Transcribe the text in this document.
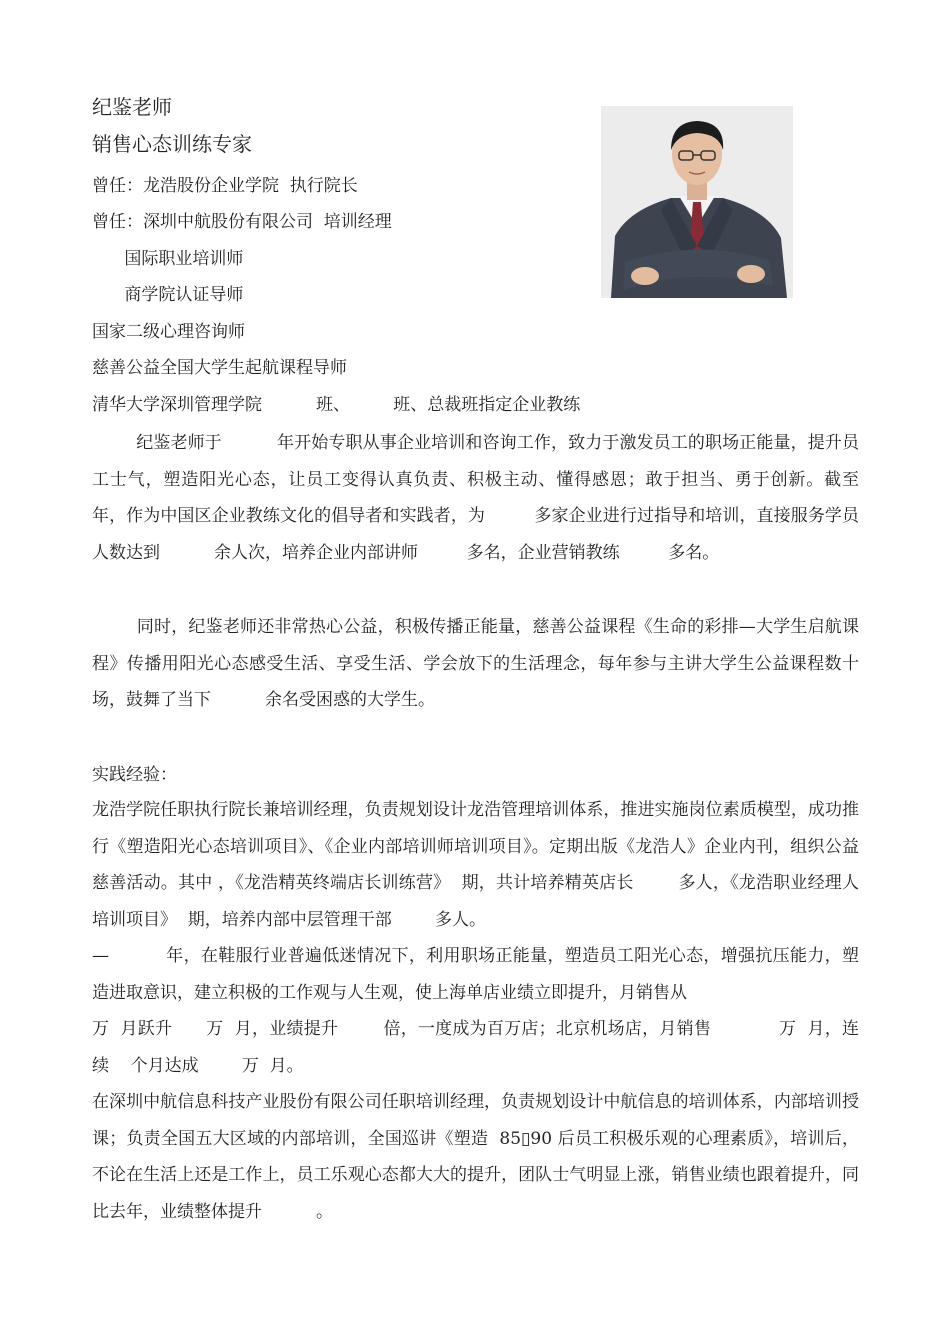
纪鉴老师
销售心态训练专家
曾任：龙浩股份企业学院  执行院长
曾任：深圳中航股份有限公司  培训经理
国际职业培训师
商学院认证导师
国家二级心理咨询师
慈善公益全国大学生起航课程导师
清华大学深圳管理学院          班、        班、总裁班指定企业教练
纪鉴老师于          年开始专职从事企业培训和咨询工作，致力于激发员工的职场正能量，提升员工士气，塑造阳光心态，让员工变得认真负责、积极主动、懂得感恩；敢于担当、勇于创新。截至          年，作为中国区企业教练文化的倡导者和实践者，为         多家企业进行过指导和培训，直接服务学员人数达到          余人次，培养企业内部讲师         多名，企业营销教练         多名。
同时，纪鉴老师还非常热心公益，积极传播正能量，慈善公益课程《生命的彩排—大学生启航课程》传播用阳光心态感受生活、享受生活、学会放下的生活理念，每年参与主讲大学生公益课程数十场，鼓舞了当下          余名受困惑的大学生。
实践经验：
龙浩学院任职执行院长兼培训经理，负责规划设计龙浩管理培训体系，推进实施岗位素质模型，成功推行《塑造阳光心态培训项目》、《企业内部培训师培训项目》。定期出版《龙浩人》企业内刊，组织公益慈善活动。其中 ，《龙浩精英终端店长训练营》  期，共计培养精英店长        多人，《龙浩职业经理人培训项目》  期，培养内部中层管理干部        多人。
—          年，在鞋服行业普遍低迷情况下，利用职场正能量，塑造员工阳光心态，增强抗压能力，塑造进取意识，建立积极的工作观与人生观，使上海单店业绩立即提升，月销售从
万  月跃升      万  月，业绩提升        倍，一度成为百万店；北京机场店，月销售            万  月，连续    个月达成        万  月。
在深圳中航信息科技产业股份有限公司任职培训经理，负责规划设计中航信息的培训体系，内部培训授课；负责全国五大区域的内部培训，全国巡讲《塑造  85▯90 后员工积极乐观的心理素质》，培训后，不论在生活上还是工作上，员工乐观心态都大大的提升，团队士气明显上涨，销售业绩也跟着提升，同比去年，业绩整体提升          。
